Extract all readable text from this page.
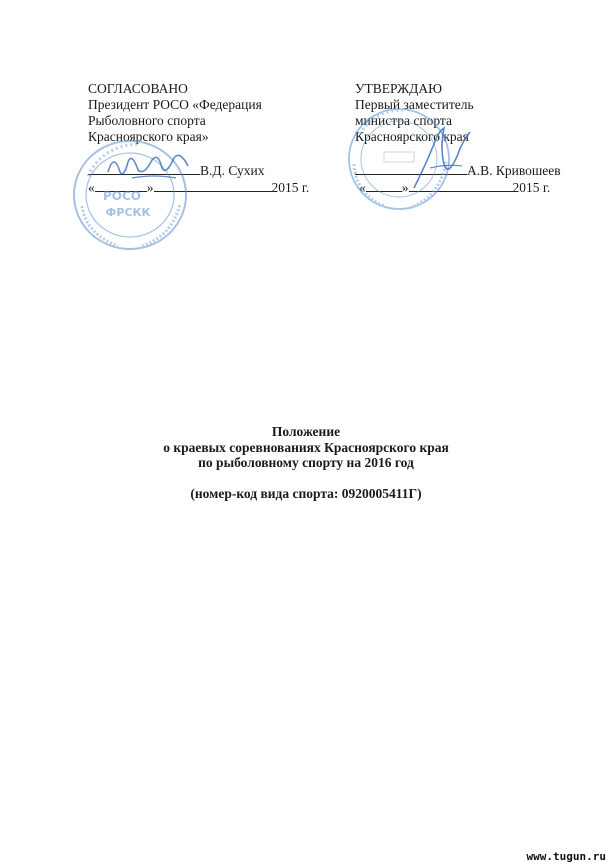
СОГЛАСОВАНО
Президент РОСО «Федерация
Рыболовного спорта
Красноярского края»
В.Д. Сухих
«	»	2015 г.
РОСО
ФРСКК
УТВЕРЖДАЮ
Первый заместитель
министра спорта
Красноярского края
А.В. Кривошеев
«	»	2015 г.
Положение
о краевых соревнованиях Красноярского края
по рыболовному спорту на 2016 год
(номер-код вида спорта: 0920005411Г)
www.tugun.ru
